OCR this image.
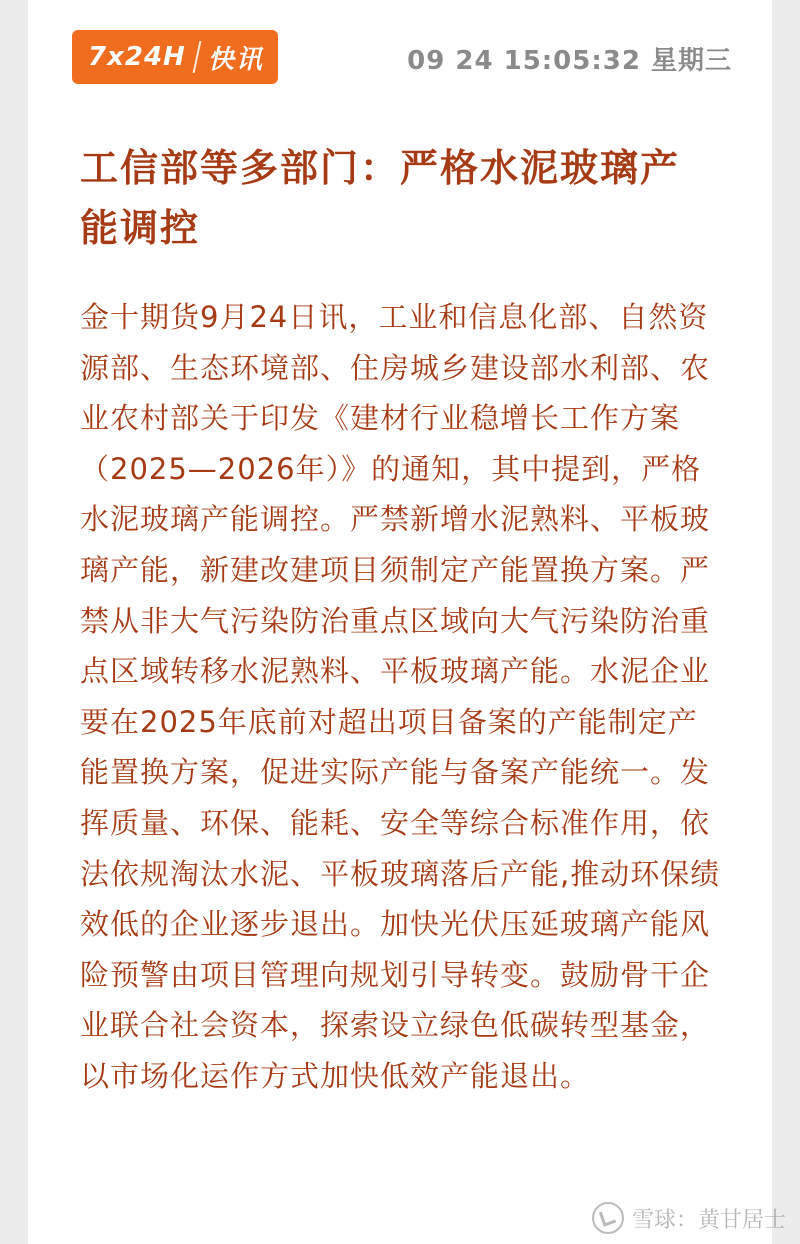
7x24H 快讯	09 24 15:05:32 星期三
工信部等多部门：严格水泥玻璃产能调控

金十期货9月24日讯，工业和信息化部、自然资源部、生态环境部、住房城乡建设部水利部、农业农村部关于印发《建材行业稳增长工作方案（2025—2026年）》的通知，其中提到，严格水泥玻璃产能调控。严禁新增水泥熟料、平板玻璃产能，新建改建项目须制定产能置换方案。严禁从非大气污染防治重点区域向大气污染防治重点区域转移水泥熟料、平板玻璃产能。水泥企业要在2025年底前对超出项目备案的产能制定产能置换方案，促进实际产能与备案产能统一。发挥质量、环保、能耗、安全等综合标准作用，依法依规淘汰水泥、平板玻璃落后产能,推动环保绩效低的企业逐步退出。加快光伏压延玻璃产能风险预警由项目管理向规划引导转变。鼓励骨干企业联合社会资本，探索设立绿色低碳转型基金，以市场化运作方式加快低效产能退出。

雪球：黄甘居士
